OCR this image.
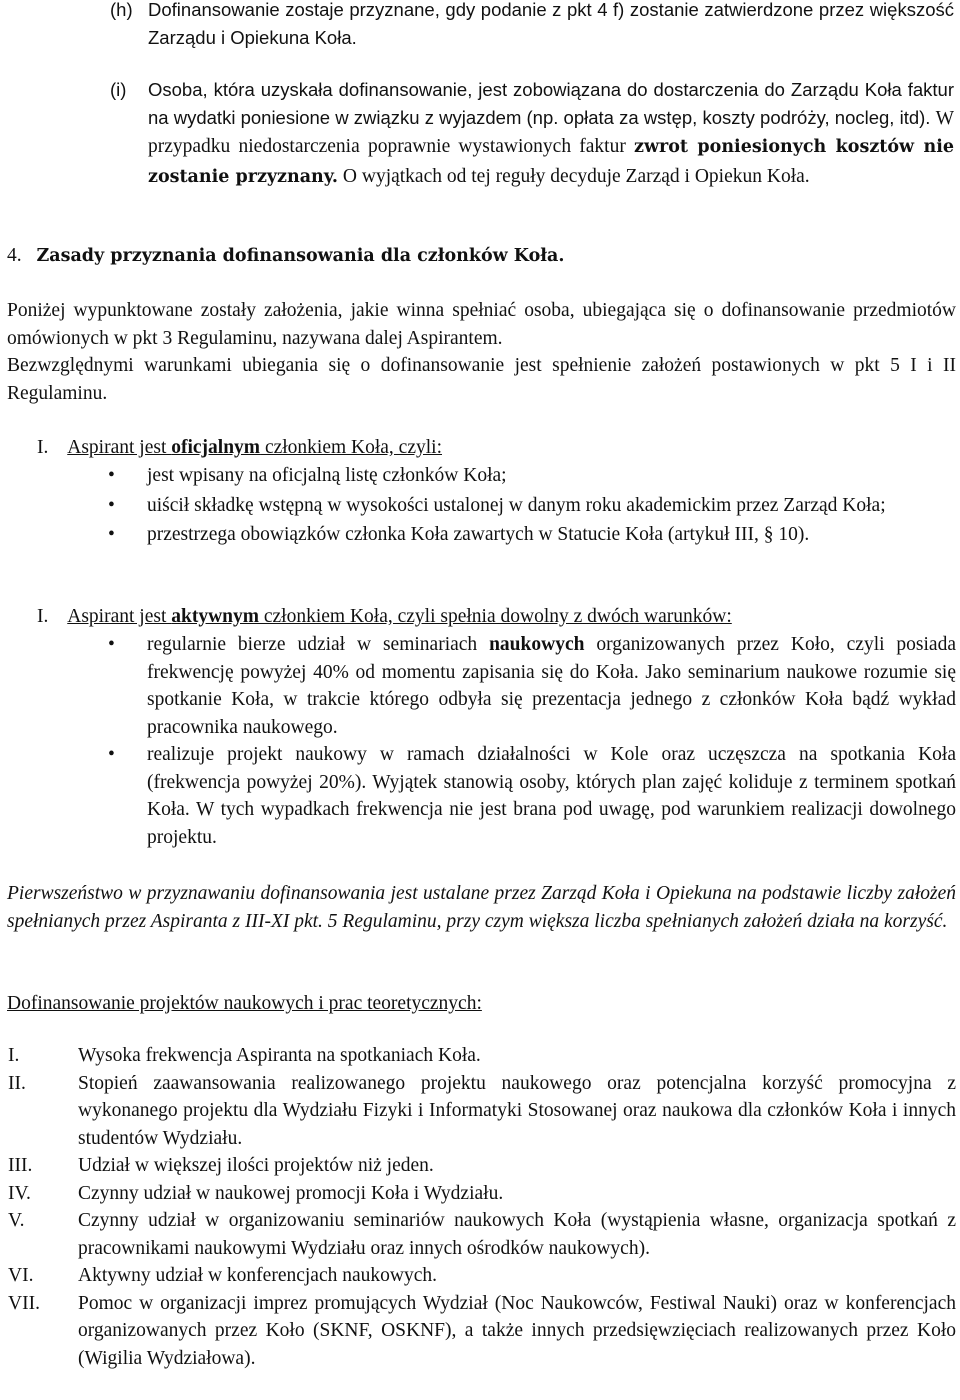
(h) Dofinansowanie zostaje przyznane, gdy podanie z pkt 4 f) zostanie zatwierdzone przez większość Zarządu i Opiekuna Koła.
(i) Osoba, która uzyskała dofinansowanie, jest zobowiązana do dostarczenia do Zarządu Koła faktur na wydatki poniesione w związku z wyjazdem (np. opłata za wstęp, koszty podróży, nocleg, itd). W przypadku niedostarczenia poprawnie wystawionych faktur zwrot poniesionych kosztów nie zostanie przyznany. O wyjątkach od tej reguły decyduje Zarząd i Opiekun Koła.
4. Zasady przyznania dofinansowania dla członków Koła.
Poniżej wypunktowane zostały założenia, jakie winna spełniać osoba, ubiegająca się o dofinansowanie przedmiotów omówionych w pkt 3 Regulaminu, nazywana dalej Aspirantem.
Bezwzględnymi warunkami ubiegania się o dofinansowanie jest spełnienie założeń postawionych w pkt 5 I i II Regulaminu.
I. Aspirant jest oficjalnym członkiem Koła, czyli:
• jest wpisany na oficjalną listę członków Koła;
• uiścił składkę wstępną w wysokości ustalonej w danym roku akademickim przez Zarząd Koła;
• przestrzega obowiązków członka Koła zawartych w Statucie Koła (artykuł III, § 10).
I. Aspirant jest aktywnym członkiem Koła, czyli spełnia dowolny z dwóch warunków:
• regularnie bierze udział w seminariach naukowych organizowanych przez Koło, czyli posiada frekwencję powyżej 40% od momentu zapisania się do Koła. Jako seminarium naukowe rozumie się spotkanie Koła, w trakcie którego odbyła się prezentacja jednego z członków Koła bądź wykład pracownika naukowego.
• realizuje projekt naukowy w ramach działalności w Kole oraz uczęszcza na spotkania Koła (frekwencja powyżej 20%). Wyjątek stanowią osoby, których plan zajęć koliduje z terminem spotkań Koła. W tych wypadkach frekwencja nie jest brana pod uwagę, pod warunkiem realizacji dowolnego projektu.
Pierwszeństwo w przyznawaniu dofinansowania jest ustalane przez Zarząd Koła i Opiekuna na podstawie liczby założeń spełnianych przez Aspiranta z III-XI pkt. 5 Regulaminu, przy czym większa liczba spełnianych założeń działa na korzyść.
Dofinansowanie projektów naukowych i prac teoretycznych:
I.	Wysoka frekwencja Aspiranta na spotkaniach Koła.
II.	Stopień zaawansowania realizowanego projektu naukowego oraz potencjalna korzyść promocyjna z wykonanego projektu dla Wydziału Fizyki i Informatyki Stosowanej oraz naukowa dla członków Koła i innych studentów Wydziału.
III. Udział w większej ilości projektów niż jeden.
IV. Czynny udział w naukowej promocji Koła i Wydziału.
V.	Czynny udział w organizowaniu seminariów naukowych Koła (wystąpienia własne, organizacja spotkań z pracownikami naukowymi Wydziału oraz innych ośrodków naukowych).
VI. Aktywny udział w konferencjach naukowych.
VII. Pomoc w organizacji imprez promujących Wydział (Noc Naukowców, Festiwal Nauki) oraz w konferencjach organizowanych przez Koło (SKNF, OSKNF), a także innych przedsięwzięciach realizowanych przez Koło (Wigilia Wydziałowa).
